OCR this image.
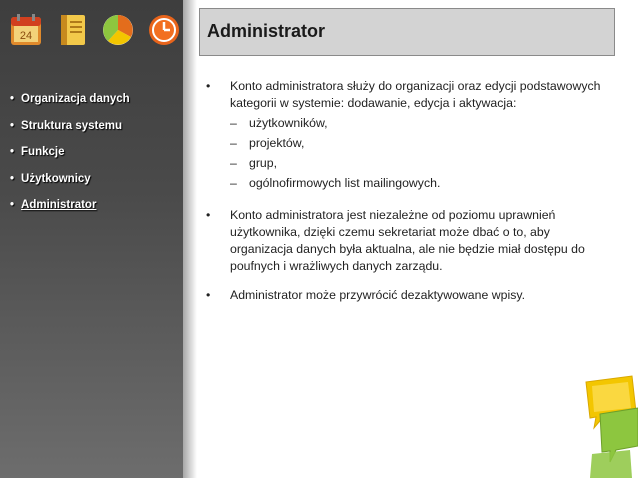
24
• Organizacja danych
• Struktura systemu
• Funkcje
• Użytkownicy
• Administrator
Administrator
• Konto administratora służy do organizacji oraz edycji podstawowych kategorii w systemie: dodawanie, edycja i aktywacja:
– użytkowników,
– projektów,
– grup,
– ogólnofirmowych list mailingowych.
• Konto administratora jest niezależne od poziomu uprawnień użytkownika, dzięki czemu sekretariat może dbać o to, aby organizacja danych była aktualna, ale nie będzie miał dostępu do poufnych i wrażliwych danych zarządu.
• Administrator może przywrócić dezaktywowane wpisy.
